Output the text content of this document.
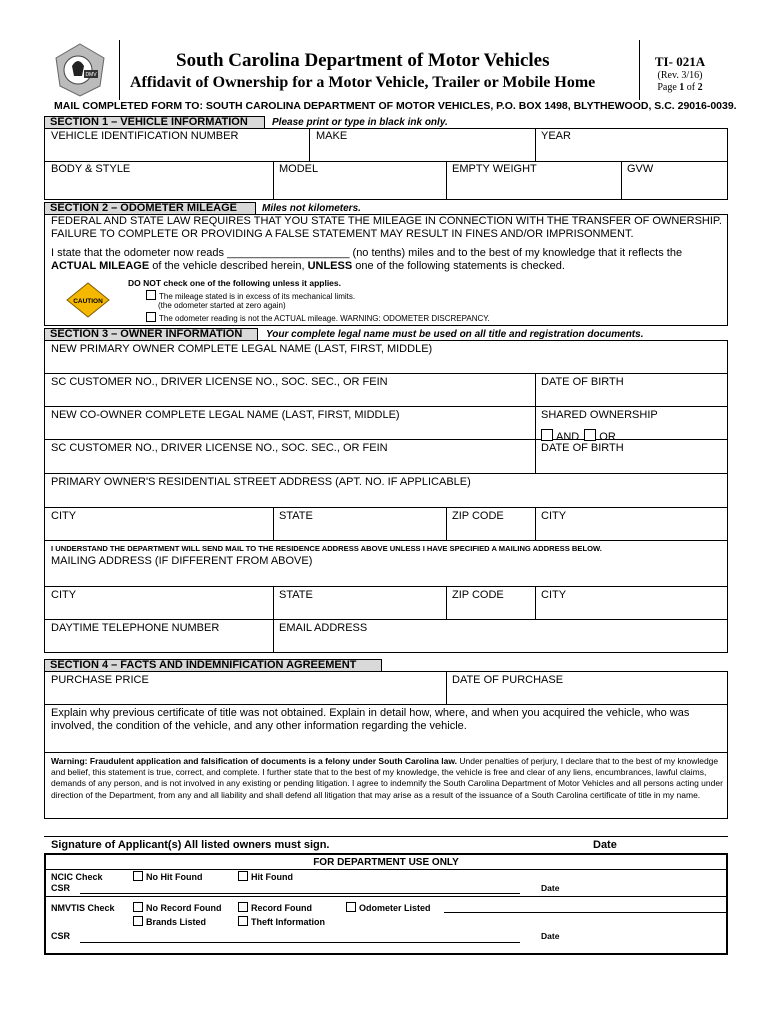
DMV
South Carolina Department of Motor Vehicles
Affidavit of Ownership for a Motor Vehicle, Trailer or Mobile Home
TI- 021A
(Rev. 3/16)
Page 1 of 2
MAIL COMPLETED FORM TO: SOUTH CAROLINA DEPARTMENT OF MOTOR VEHICLES, P.O. BOX 1498, BLYTHEWOOD, S.C. 29016-0039.
SECTION 1 – VEHICLE INFORMATION	Please print or type in black ink only.
VEHICLE IDENTIFICATION NUMBER	MAKE	YEAR
BODY & STYLE	MODEL	EMPTY WEIGHT	GVW
SECTION 2 – ODOMETER MILEAGE	Miles not kilometers.
FEDERAL AND STATE LAW REQUIRES THAT YOU STATE THE MILEAGE IN CONNECTION WITH THE TRANSFER OF OWNERSHIP.
FAILURE TO COMPLETE OR PROVIDING A FALSE STATEMENT MAY RESULT IN FINES AND/OR IMPRISONMENT.
I state that the odometer now reads ____________________ (no tenths) miles and to the best of my knowledge that it reflects the
ACTUAL MILEAGE of the vehicle described herein, UNLESS one of the following statements is checked.
CAUTION
DO NOT check one of the following unless it applies.
The mileage stated is in excess of its mechanical limits.
(the odometer started at zero again)
The odometer reading is not the ACTUAL mileage. WARNING: ODOMETER DISCREPANCY.
SECTION 3 – OWNER INFORMATION	Your complete legal name must be used on all title and registration documents.
NEW PRIMARY OWNER COMPLETE LEGAL NAME (LAST, FIRST, MIDDLE)
SC CUSTOMER NO., DRIVER LICENSE NO., SOC. SEC., OR FEIN	DATE OF BIRTH
NEW CO-OWNER COMPLETE LEGAL NAME (LAST, FIRST, MIDDLE)	SHARED OWNERSHIP
AND OR
SC CUSTOMER NO., DRIVER LICENSE NO., SOC. SEC., OR FEIN	DATE OF BIRTH
PRIMARY OWNER'S RESIDENTIAL STREET ADDRESS (APT. NO. IF APPLICABLE)
CITY	STATE	ZIP CODE	CITY
I UNDERSTAND THE DEPARTMENT WILL SEND MAIL TO THE RESIDENCE ADDRESS ABOVE UNLESS I HAVE SPECIFIED A MAILING ADDRESS BELOW.
MAILING ADDRESS (IF DIFFERENT FROM ABOVE)
CITY	STATE	ZIP CODE	CITY
DAYTIME TELEPHONE NUMBER	EMAIL ADDRESS
SECTION 4 – FACTS AND INDEMNIFICATION AGREEMENT
PURCHASE PRICE	DATE OF PURCHASE
Explain why previous certificate of title was not obtained. Explain in detail how, where, and when you acquired the vehicle, who was involved, the condition of the vehicle, and any other information regarding the vehicle.
Warning: Fraudulent application and falsification of documents is a felony under South Carolina law. Under penalties of perjury, I declare that to the best of my knowledge and belief, this statement is true, correct, and complete. I further state that to the best of my knowledge, the vehicle is free and clear of any liens, encumbrances, lawful claims, demands of any person, and is not involved in any existing or pending litigation. I agree to indemnify the South Carolina Department of Motor Vehicles and all persons acting under direction of the Department, from any and all liability and shall defend all litigation that may arise as a result of the issuance of a South Carolina certificate of title in my name.
Signature of Applicant(s) All listed owners must sign.	Date
FOR DEPARTMENT USE ONLY
NCIC Check	No Hit Found	Hit Found
CSR	Date
NMVTIS Check	No Record Found	Record Found	Odometer Listed
Brands Listed	Theft Information
CSR	Date
